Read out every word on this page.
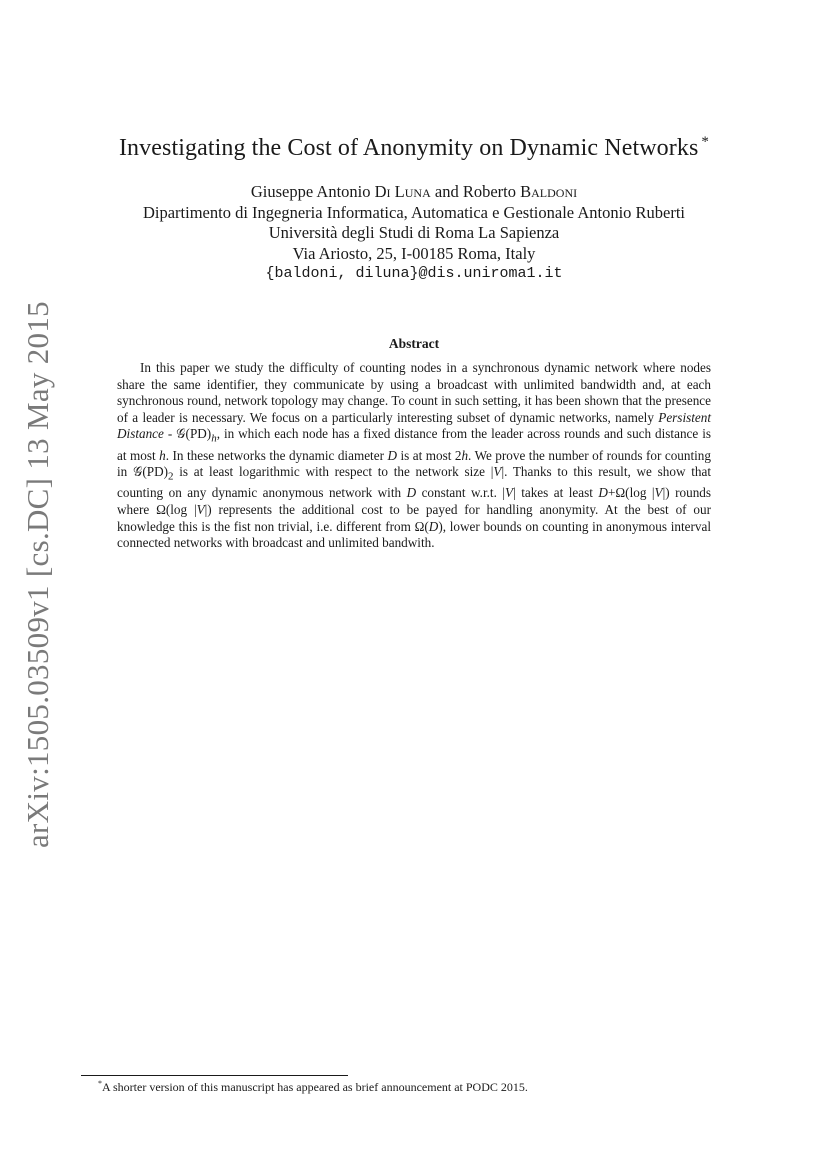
arXiv:1505.03509v1 [cs.DC] 13 May 2015
Investigating the Cost of Anonymity on Dynamic Networks *
Giuseppe Antonio Di Luna and Roberto Baldoni
Dipartimento di Ingegneria Informatica, Automatica e Gestionale Antonio Ruberti
Università degli Studi di Roma La Sapienza
Via Ariosto, 25, I-00185 Roma, Italy
{baldoni, diluna}@dis.uniroma1.it
Abstract
In this paper we study the difficulty of counting nodes in a synchronous dynamic network where nodes share the same identifier, they communicate by using a broadcast with unlimited bandwidth and, at each synchronous round, network topology may change. To count in such setting, it has been shown that the presence of a leader is necessary. We focus on a particularly interesting subset of dynamic networks, namely Persistent Distance - $𝒢(PD)_h$, in which each node has a fixed distance from the leader across rounds and such distance is at most h. In these networks the dynamic diameter D is at most 2h. We prove the number of rounds for counting in $𝒢(PD)_2$ is at least logarithmic with respect to the network size |V|. Thanks to this result, we show that counting on any dynamic anonymous network with D constant w.r.t. |V| takes at least D+Ω(log |V|) rounds where Ω(log |V|) represents the additional cost to be payed for handling anonymity. At the best of our knowledge this is the fist non trivial, i.e. different from Ω(D), lower bounds on counting in anonymous interval connected networks with broadcast and unlimited bandwith.
*A shorter version of this manuscript has appeared as brief announcement at PODC 2015.
